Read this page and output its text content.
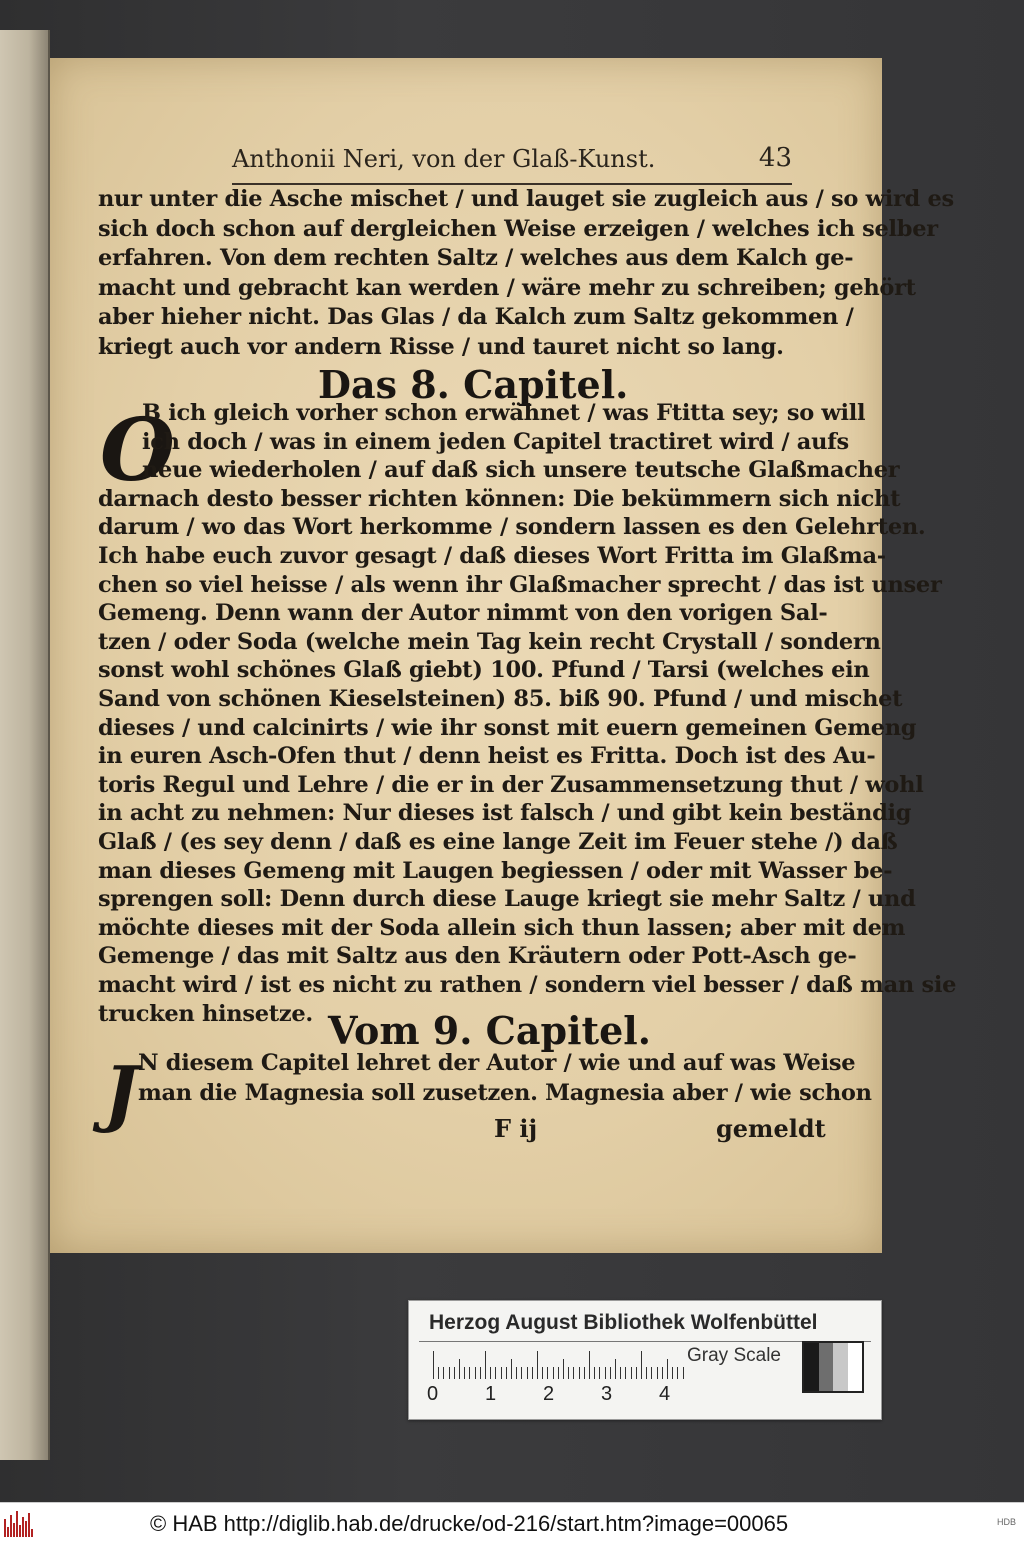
Anthonii Neri, von der Glaß-Kunst.	43
nur unter die Asche mischet / und lauget sie zugleich aus / so wird es
sich doch schon auf dergleichen Weise erzeigen / welches ich selber
erfahren. Von dem rechten Saltz / welches aus dem Kalch ge-
macht und gebracht kan werden / wäre mehr zu schreiben; gehört
aber hieher nicht. Das Glas / da Kalch zum Saltz gekommen /
kriegt auch vor andern Risse / und tauret nicht so lang.
Das 8. Capitel.
O
B ich gleich vorher schon erwähnet / was Ftitta sey; so will
ich doch / was in einem jeden Capitel tractiret wird / aufs
neue wiederholen / auf daß sich unsere teutsche Glaßmacher
darnach desto besser richten können: Die bekümmern sich nicht
darum / wo das Wort herkomme / sondern lassen es den Gelehrten.
Ich habe euch zuvor gesagt / daß dieses Wort Fritta im Glaßma-
chen so viel heisse / als wenn ihr Glaßmacher sprecht / das ist unser
Gemeng. Denn wann der Autor nimmt von den vorigen Sal-
tzen / oder Soda (welche mein Tag kein recht Crystall / sondern
sonst wohl schönes Glaß giebt) 100. Pfund / Tarsi (welches ein
Sand von schönen Kieselsteinen) 85. biß 90. Pfund / und mischet
dieses / und calcinirts / wie ihr sonst mit euern gemeinen Gemeng
in euren Asch-Ofen thut / denn heist es Fritta. Doch ist des Au-
toris Regul und Lehre / die er in der Zusammensetzung thut / wohl
in acht zu nehmen: Nur dieses ist falsch / und gibt kein beständig
Glaß / (es sey denn / daß es eine lange Zeit im Feuer stehe /) daß
man dieses Gemeng mit Laugen begiessen / oder mit Wasser be-
sprengen soll: Denn durch diese Lauge kriegt sie mehr Saltz / und
möchte dieses mit der Soda allein sich thun lassen; aber mit dem
Gemenge / das mit Saltz aus den Kräutern oder Pott-Asch ge-
macht wird / ist es nicht zu rathen / sondern viel besser / daß man sie
trucken hinsetze. Vom 9. Capitel.
J N diesem Capitel lehret der Autor / wie und auf was Weise
man die Magnesia soll zusetzen. Magnesia aber / wie schon
F ij	gemeldt
Herzog August Bibliothek Wolfenbüttel
0 1 2 3 4
Gray Scale
© HAB http://diglib.hab.de/drucke/od-216/start.htm?image=00065	HDB
